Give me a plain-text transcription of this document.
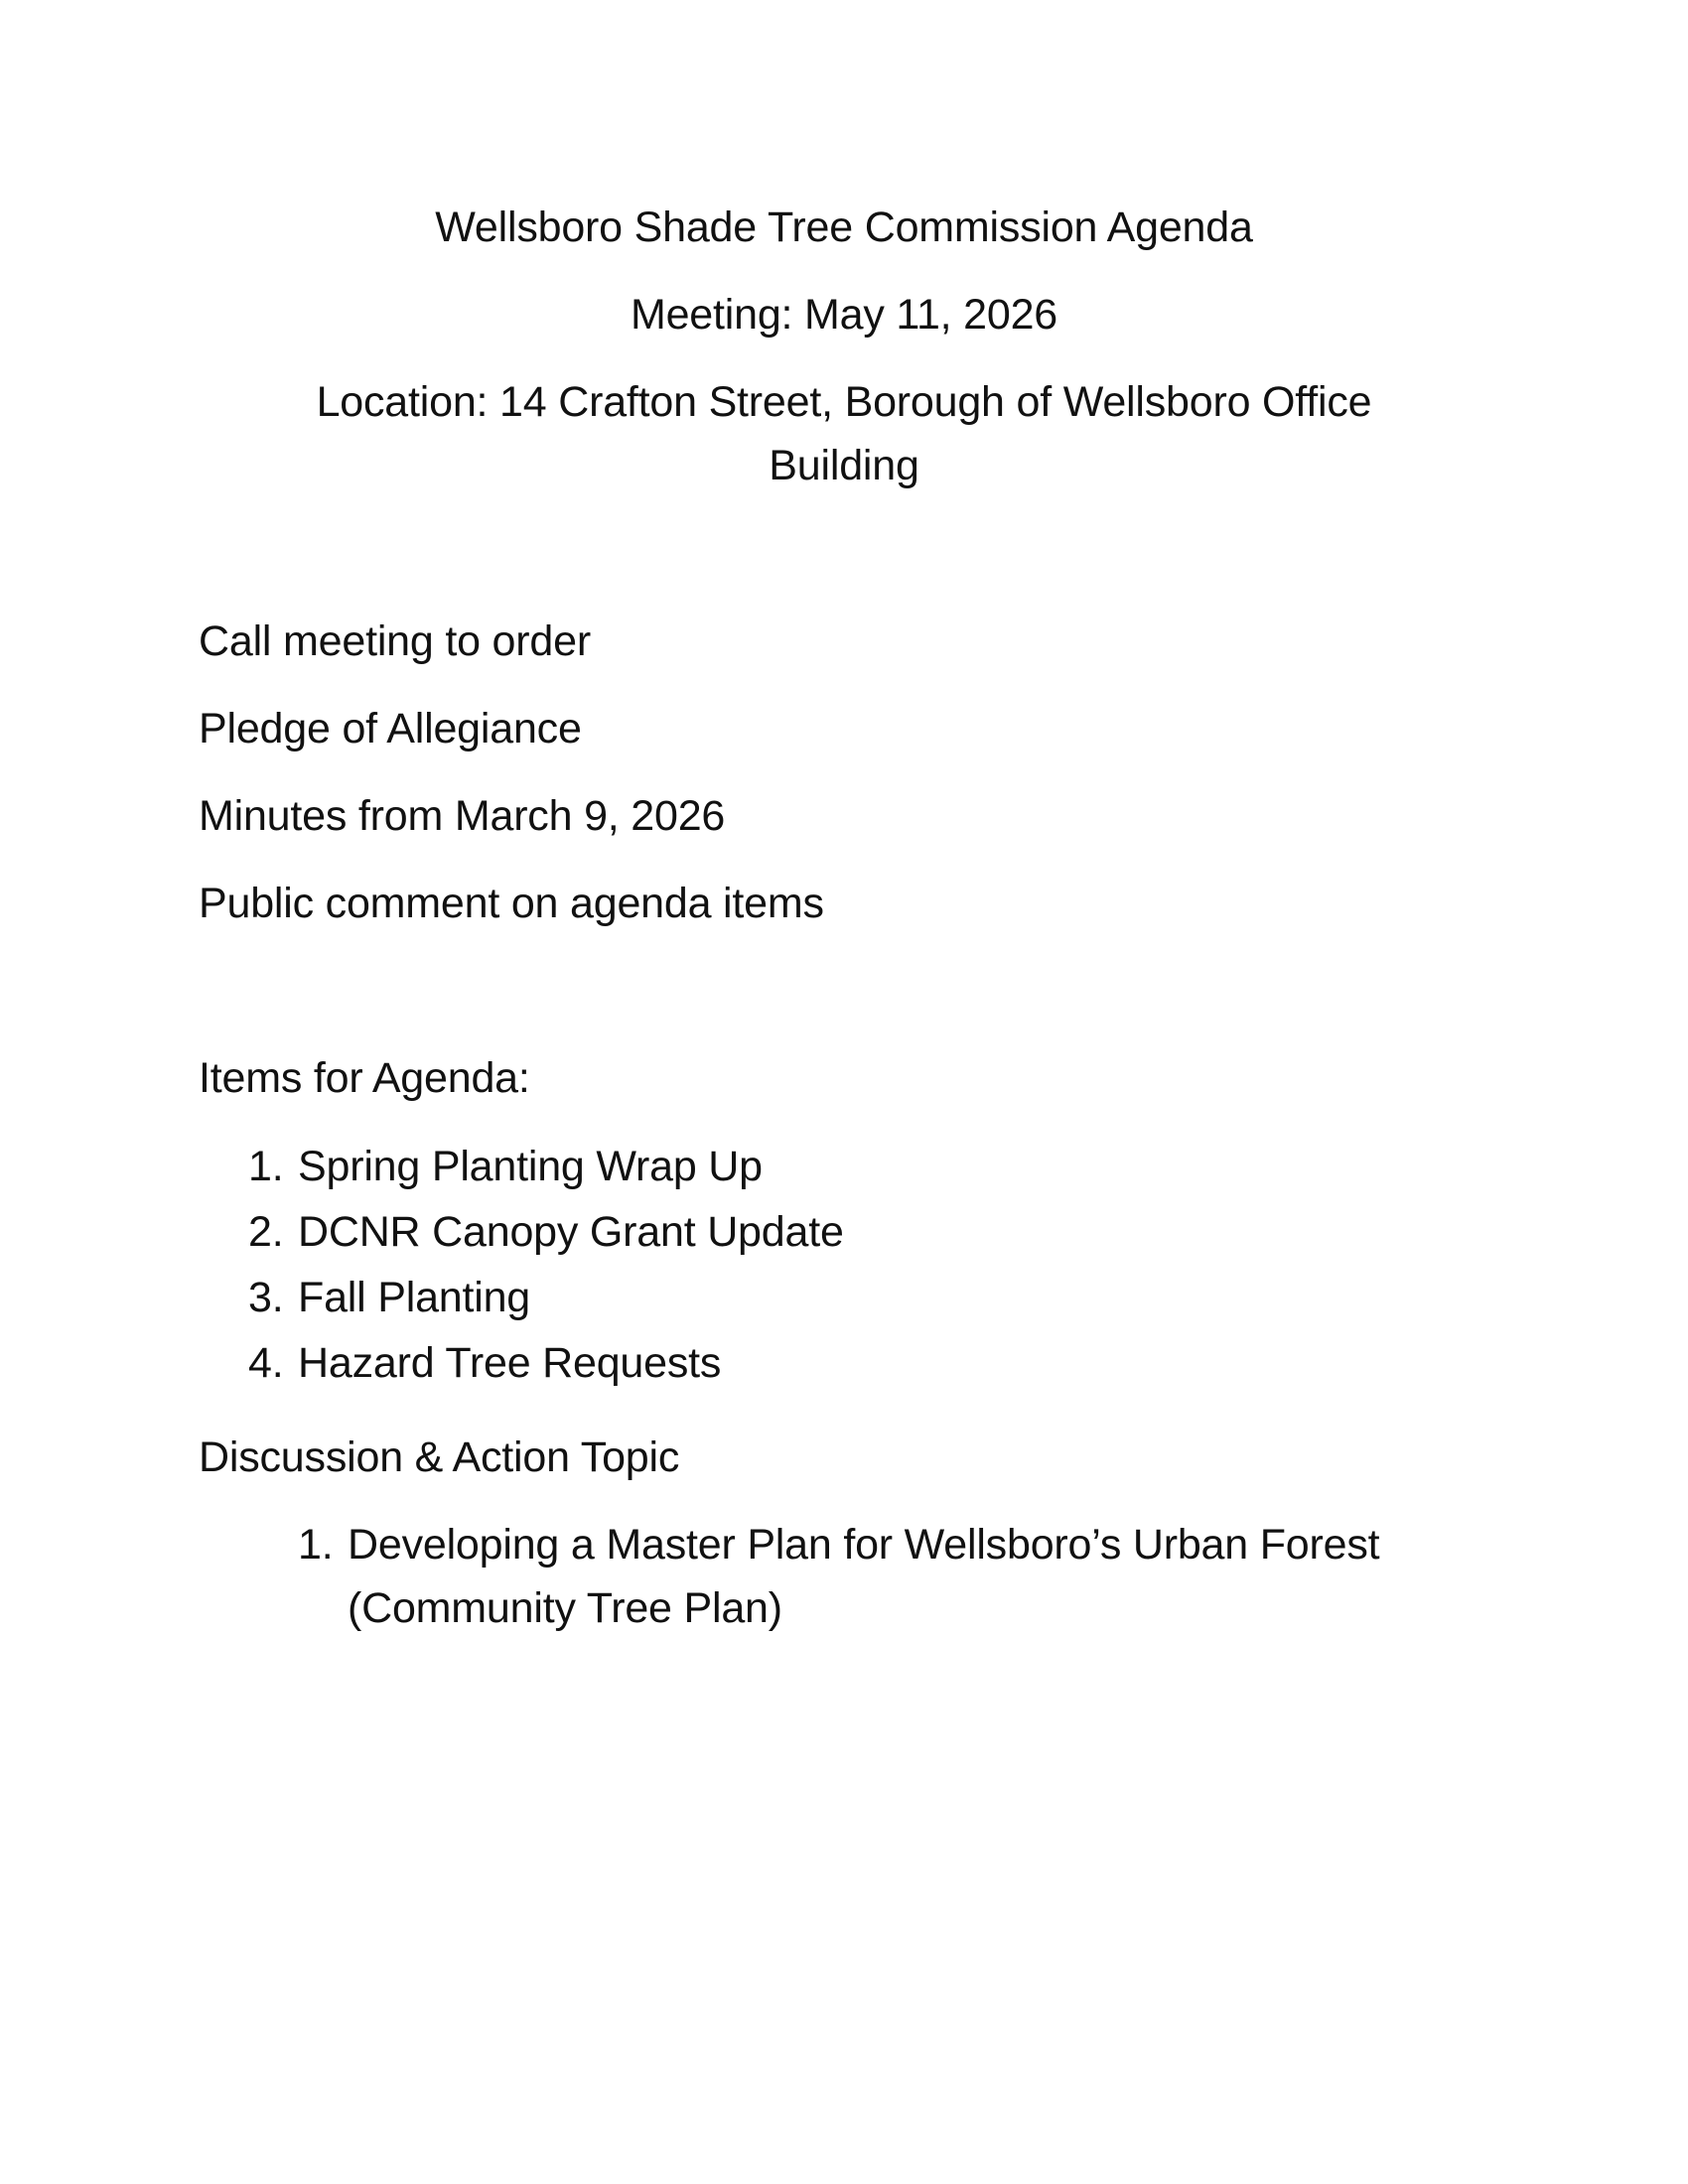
Wellsboro Shade Tree Commission Agenda
Meeting: May 11, 2026
Location: 14 Crafton Street, Borough of Wellsboro Office Building
Call meeting to order
Pledge of Allegiance
Minutes from March 9, 2026
Public comment on agenda items
Items for Agenda:
1. Spring Planting Wrap Up
2. DCNR Canopy Grant Update
3. Fall Planting
4. Hazard Tree Requests
Discussion & Action Topic
1. Developing a Master Plan for Wellsboro’s Urban Forest (Community Tree Plan)
